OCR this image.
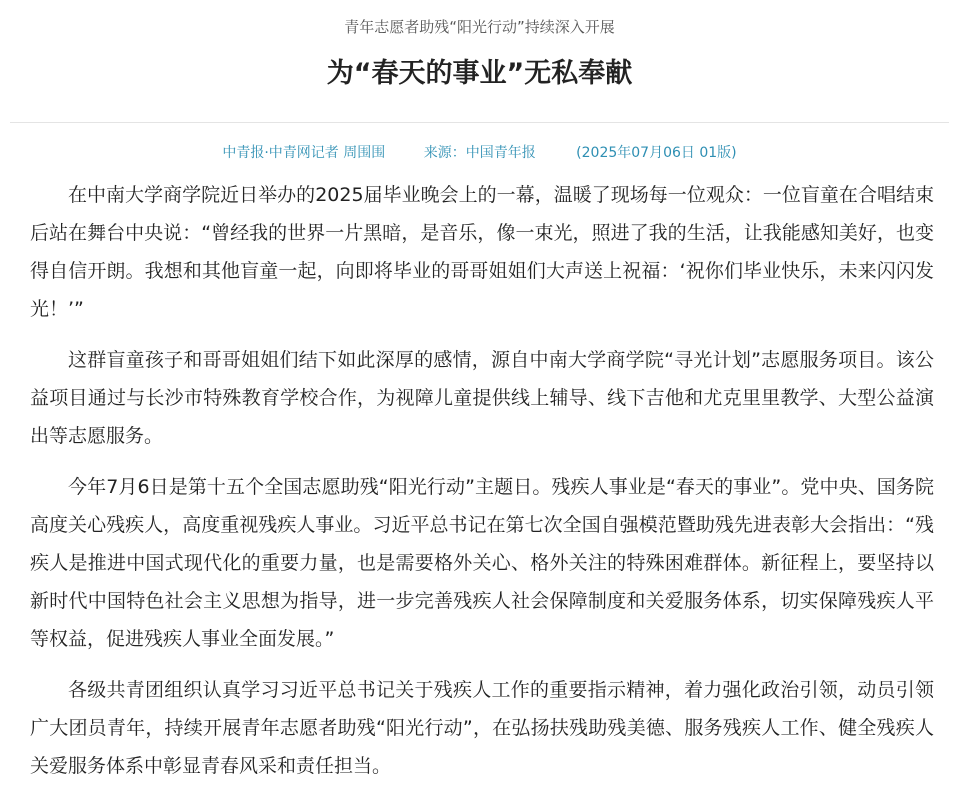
青年志愿者助残“阳光行动”持续深入开展
为“春天的事业”无私奉献
中青报·中青网记者 周围围	来源：中国青年报	(2025年07月06日 01版)

在中南大学商学院近日举办的2025届毕业晚会上的一幕，温暖了现场每一位观众：一位盲童在合唱结束后站在舞台中央说：“曾经我的世界一片黑暗，是音乐，像一束光，照进了我的生活，让我能感知美好，也变得自信开朗。我想和其他盲童一起，向即将毕业的哥哥姐姐们大声送上祝福：‘祝你们毕业快乐，未来闪闪发光！’”

这群盲童孩子和哥哥姐姐们结下如此深厚的感情，源自中南大学商学院“寻光计划”志愿服务项目。该公益项目通过与长沙市特殊教育学校合作，为视障儿童提供线上辅导、线下吉他和尤克里里教学、大型公益演出等志愿服务。

今年7月6日是第十五个全国志愿助残“阳光行动”主题日。残疾人事业是“春天的事业”。党中央、国务院高度关心残疾人，高度重视残疾人事业。习近平总书记在第七次全国自强模范暨助残先进表彰大会指出：“残疾人是推进中国式现代化的重要力量，也是需要格外关心、格外关注的特殊困难群体。新征程上，要坚持以新时代中国特色社会主义思想为指导，进一步完善残疾人社会保障制度和关爱服务体系，切实保障残疾人平等权益，促进残疾人事业全面发展。”

各级共青团组织认真学习习近平总书记关于残疾人工作的重要指示精神，着力强化政治引领，动员引领广大团员青年，持续开展青年志愿者助残“阳光行动”，在弘扬扶残助残美德、服务残疾人工作、健全残疾人关爱服务体系中彰显青春风采和责任担当。
